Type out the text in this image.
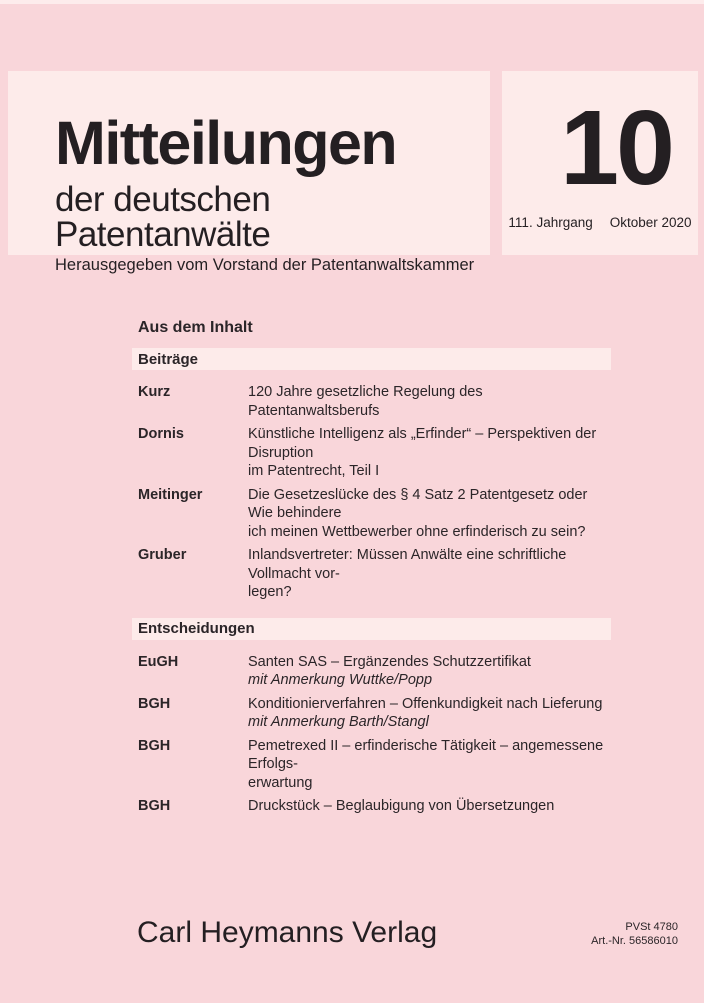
Mitteilungen
der deutschen Patentanwälte
Herausgegeben vom Vorstand der Patentanwaltskammer
10
111. Jahrgang Oktober 2020
Aus dem Inhalt
Beiträge
Kurz	120 Jahre gesetzliche Regelung des Patentanwaltsberufs
Dornis	Künstliche Intelligenz als „Erfinder“ – Perspektiven der Disruption
im Patentrecht, Teil I
Meitinger	Die Gesetzeslücke des § 4 Satz 2 Patentgesetz oder Wie behindere
ich meinen Wettbewerber ohne erfinderisch zu sein?
Gruber	Inlandsvertreter: Müssen Anwälte eine schriftliche Vollmacht vor-
legen?
Entscheidungen
EuGH	Santen SAS – Ergänzendes Schutzzertifikat
mit Anmerkung Wuttke/Popp
BGH	Konditionierverfahren – Offenkundigkeit nach Lieferung
mit Anmerkung Barth/Stangl
BGH	Pemetrexed II – erfinderische Tätigkeit – angemessene Erfolgs-
erwartung
BGH	Druckstück – Beglaubigung von Übersetzungen
Carl Heymanns Verlag	PVSt 4780
Art.-Nr. 56586010
